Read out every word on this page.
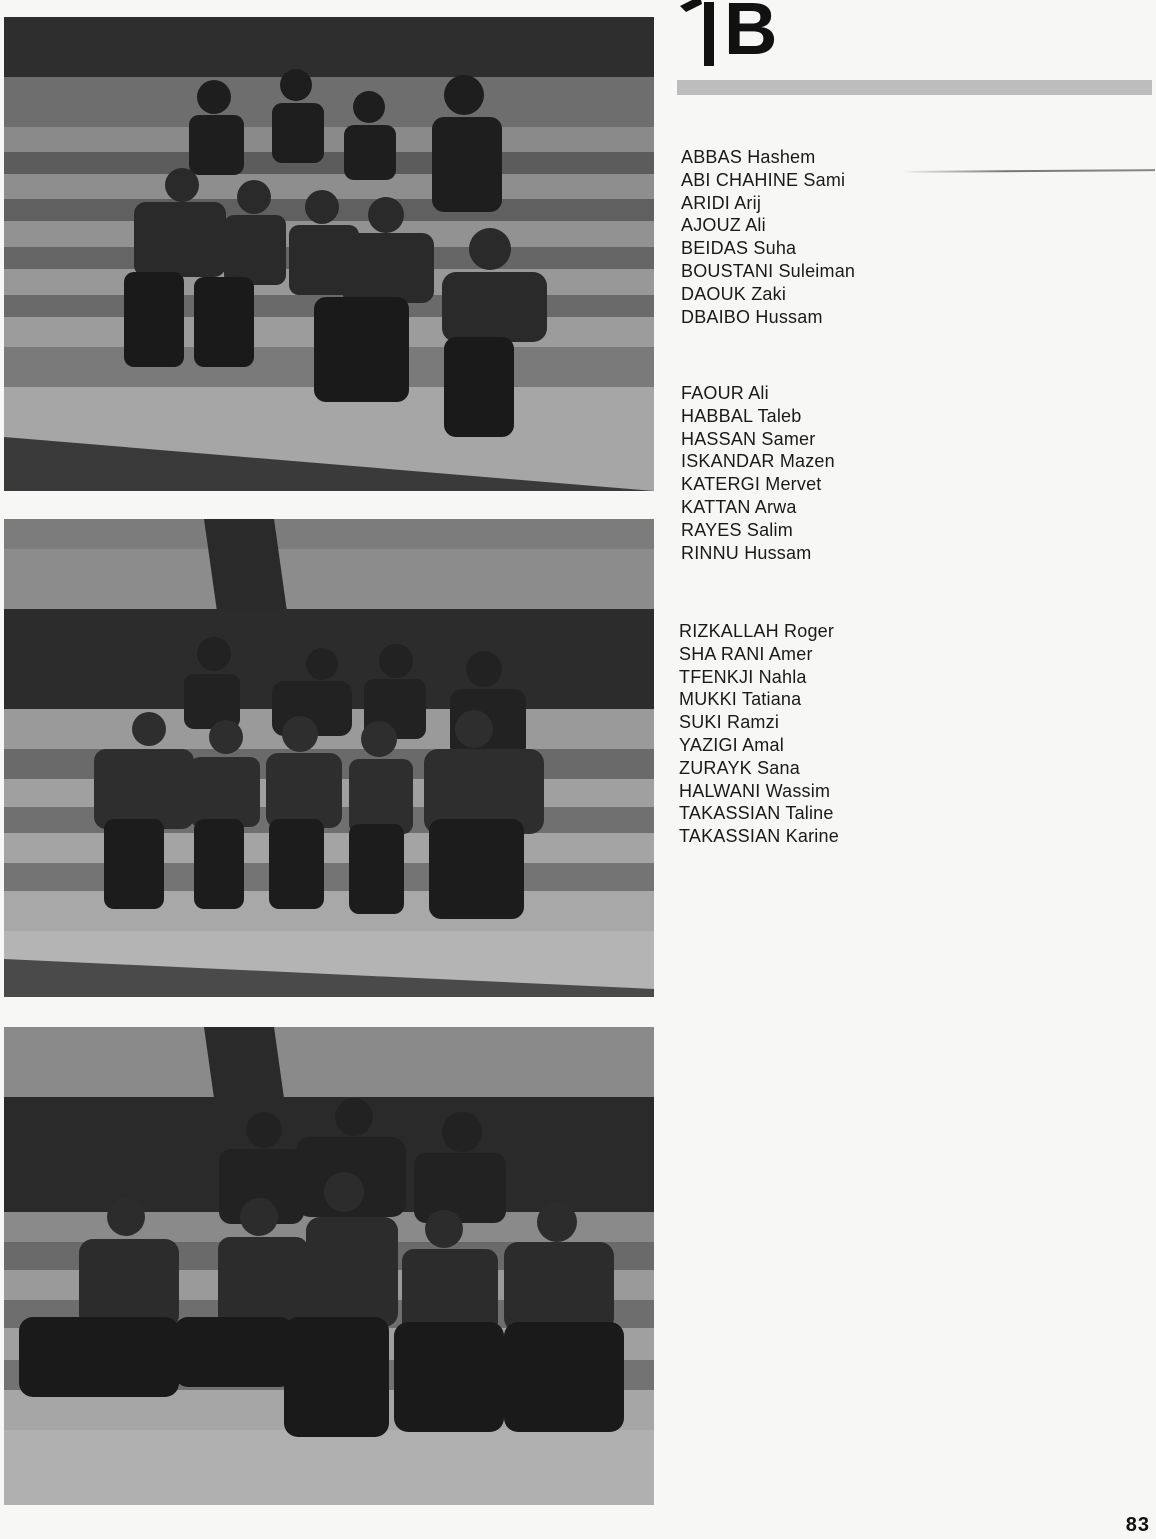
B
ABBAS Hashem
ABI CHAHINE Sami
ARIDI Arij
AJOUZ Ali
BEIDAS Suha
BOUSTANI Suleiman
DAOUK Zaki
DBAIBO Hussam
FAOUR Ali
HABBAL Taleb
HASSAN Samer
ISKANDAR Mazen
KATERGI Mervet
KATTAN Arwa
RAYES Salim
RINNU Hussam
RIZKALLAH Roger
SHA RANI Amer
TFENKJI Nahla
MUKKI Tatiana
SUKI Ramzi
YAZIGI Amal
ZURAYK Sana
HALWANI Wassim
TAKASSIAN Taline
TAKASSIAN Karine
83
